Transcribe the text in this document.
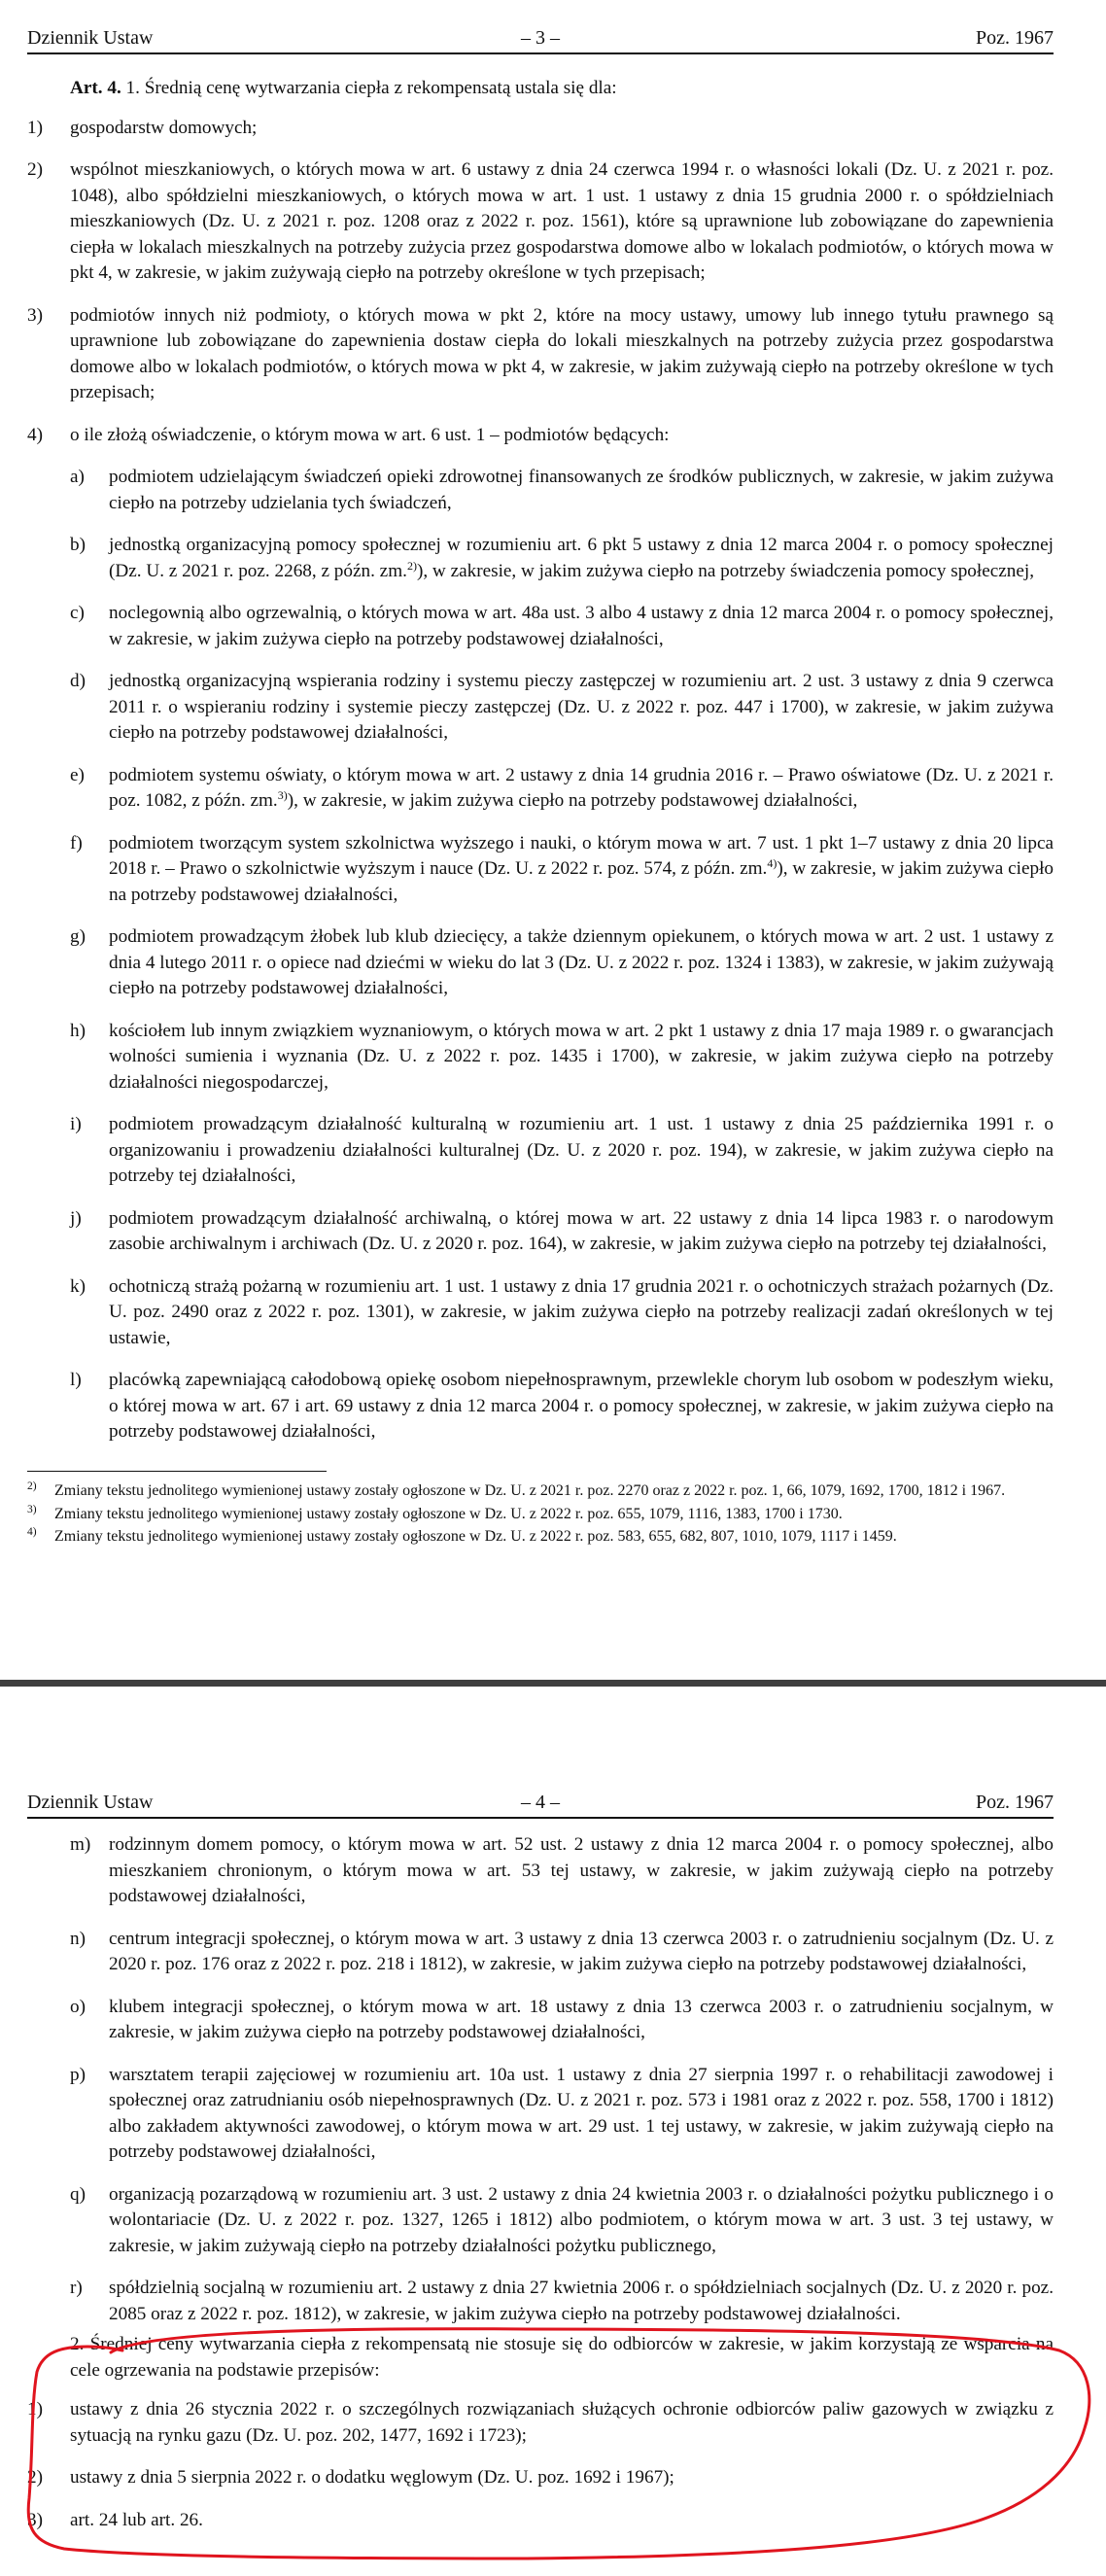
Dziennik Ustaw	– 3 –	Poz. 1967

Art. 4. 1. Średnią cenę wytwarzania ciepła z rekompensatą ustala się dla:

1) gospodarstw domowych;
2) wspólnot mieszkaniowych, o których mowa w art. 6 ustawy z dnia 24 czerwca 1994 r. o własności lokali (Dz. U. z 2021 r. poz. 1048), albo spółdzielni mieszkaniowych, o których mowa w art. 1 ust. 1 ustawy z dnia 15 grudnia 2000 r. o spółdzielniach mieszkaniowych (Dz. U. z 2021 r. poz. 1208 oraz z 2022 r. poz. 1561), które są uprawnione lub zobowiązane do zapewnienia ciepła w lokalach mieszkalnych na potrzeby zużycia przez gospodarstwa domowe albo w lokalach podmiotów, o których mowa w pkt 4, w zakresie, w jakim zużywają ciepło na potrzeby określone w tych przepisach;
3) podmiotów innych niż podmioty, o których mowa w pkt 2, które na mocy ustawy, umowy lub innego tytułu prawnego są uprawnione lub zobowiązane do zapewnienia dostaw ciepła do lokali mieszkalnych na potrzeby zużycia przez gospodarstwa domowe albo w lokalach podmiotów, o których mowa w pkt 4, w zakresie, w jakim zużywają ciepło na potrzeby określone w tych przepisach;
4) o ile złożą oświadczenie, o którym mowa w art. 6 ust. 1 – podmiotów będących:
a) podmiotem udzielającym świadczeń opieki zdrowotnej finansowanych ze środków publicznych, w zakresie, w jakim zużywa ciepło na potrzeby udzielania tych świadczeń,
b) jednostką organizacyjną pomocy społecznej w rozumieniu art. 6 pkt 5 ustawy z dnia 12 marca 2004 r. o pomocy społecznej (Dz. U. z 2021 r. poz. 2268, z późn. zm.$^{2)}$), w zakresie, w jakim zużywa ciepło na potrzeby świadczenia pomocy społecznej,
c) noclegownią albo ogrzewalnią, o których mowa w art. 48a ust. 3 albo 4 ustawy z dnia 12 marca 2004 r. o pomocy społecznej, w zakresie, w jakim zużywa ciepło na potrzeby podstawowej działalności,
d) jednostką organizacyjną wspierania rodziny i systemu pieczy zastępczej w rozumieniu art. 2 ust. 3 ustawy z dnia 9 czerwca 2011 r. o wspieraniu rodziny i systemie pieczy zastępczej (Dz. U. z 2022 r. poz. 447 i 1700), w zakresie, w jakim zużywa ciepło na potrzeby podstawowej działalności,
e) podmiotem systemu oświaty, o którym mowa w art. 2 ustawy z dnia 14 grudnia 2016 r. – Prawo oświatowe (Dz. U. z 2021 r. poz. 1082, z późn. zm.$^{3)}$), w zakresie, w jakim zużywa ciepło na potrzeby podstawowej działalności,
f) podmiotem tworzącym system szkolnictwa wyższego i nauki, o którym mowa w art. 7 ust. 1 pkt 1–7 ustawy z dnia 20 lipca 2018 r. – Prawo o szkolnictwie wyższym i nauce (Dz. U. z 2022 r. poz. 574, z późn. zm.$^{4)}$), w zakresie, w jakim zużywa ciepło na potrzeby podstawowej działalności,
g) podmiotem prowadzącym żłobek lub klub dziecięcy, a także dziennym opiekunem, o których mowa w art. 2 ust. 1 ustawy z dnia 4 lutego 2011 r. o opiece nad dziećmi w wieku do lat 3 (Dz. U. z 2022 r. poz. 1324 i 1383), w zakresie, w jakim zużywają ciepło na potrzeby podstawowej działalności,
h) kościołem lub innym związkiem wyznaniowym, o których mowa w art. 2 pkt 1 ustawy z dnia 17 maja 1989 r. o gwarancjach wolności sumienia i wyznania (Dz. U. z 2022 r. poz. 1435 i 1700), w zakresie, w jakim zużywa ciepło na potrzeby działalności niegospodarczej,
i) podmiotem prowadzącym działalność kulturalną w rozumieniu art. 1 ust. 1 ustawy z dnia 25 października 1991 r. o organizowaniu i prowadzeniu działalności kulturalnej (Dz. U. z 2020 r. poz. 194), w zakresie, w jakim zużywa ciepło na potrzeby tej działalności,
j) podmiotem prowadzącym działalność archiwalną, o której mowa w art. 22 ustawy z dnia 14 lipca 1983 r. o narodowym zasobie archiwalnym i archiwach (Dz. U. z 2020 r. poz. 164), w zakresie, w jakim zużywa ciepło na potrzeby tej działalności,
k) ochotniczą strażą pożarną w rozumieniu art. 1 ust. 1 ustawy z dnia 17 grudnia 2021 r. o ochotniczych strażach pożarnych (Dz. U. poz. 2490 oraz z 2022 r. poz. 1301), w zakresie, w jakim zużywa ciepło na potrzeby realizacji zadań określonych w tej ustawie,
l) placówką zapewniającą całodobową opiekę osobom niepełnosprawnym, przewlekle chorym lub osobom w podeszłym wieku, o której mowa w art. 67 i art. 69 ustawy z dnia 12 marca 2004 r. o pomocy społecznej, w zakresie, w jakim zużywa ciepło na potrzeby podstawowej działalności,
2) Zmiany tekstu jednolitego wymienionej ustawy zostały ogłoszone w Dz. U. z 2021 r. poz. 2270 oraz z 2022 r. poz. 1, 66, 1079, 1692, 1700, 1812 i 1967.
3) Zmiany tekstu jednolitego wymienionej ustawy zostały ogłoszone w Dz. U. z 2022 r. poz. 655, 1079, 1116, 1383, 1700 i 1730.
4) Zmiany tekstu jednolitego wymienionej ustawy zostały ogłoszone w Dz. U. z 2022 r. poz. 583, 655, 682, 807, 1010, 1079, 1117 i 1459.
Dziennik Ustaw	– 4 –	Poz. 1967
m) rodzinnym domem pomocy, o którym mowa w art. 52 ust. 2 ustawy z dnia 12 marca 2004 r. o pomocy społecznej, albo mieszkaniem chronionym, o którym mowa w art. 53 tej ustawy, w zakresie, w jakim zużywają ciepło na potrzeby podstawowej działalności,
n) centrum integracji społecznej, o którym mowa w art. 3 ustawy z dnia 13 czerwca 2003 r. o zatrudnieniu socjalnym (Dz. U. z 2020 r. poz. 176 oraz z 2022 r. poz. 218 i 1812), w zakresie, w jakim zużywa ciepło na potrzeby podstawowej działalności,
o) klubem integracji społecznej, o którym mowa w art. 18 ustawy z dnia 13 czerwca 2003 r. o zatrudnieniu socjalnym, w zakresie, w jakim zużywa ciepło na potrzeby podstawowej działalności,
p) warsztatem terapii zajęciowej w rozumieniu art. 10a ust. 1 ustawy z dnia 27 sierpnia 1997 r. o rehabilitacji zawodowej i społecznej oraz zatrudnianiu osób niepełnosprawnych (Dz. U. z 2021 r. poz. 573 i 1981 oraz z 2022 r. poz. 558, 1700 i 1812) albo zakładem aktywności zawodowej, o którym mowa w art. 29 ust. 1 tej ustawy, w zakresie, w jakim zużywają ciepło na potrzeby podstawowej działalności,
q) organizacją pozarządową w rozumieniu art. 3 ust. 2 ustawy z dnia 24 kwietnia 2003 r. o działalności pożytku publicznego i o wolontariacie (Dz. U. z 2022 r. poz. 1327, 1265 i 1812) albo podmiotem, o którym mowa w art. 3 ust. 3 tej ustawy, w zakresie, w jakim zużywają ciepło na potrzeby działalności pożytku publicznego,
r) spółdzielnią socjalną w rozumieniu art. 2 ustawy z dnia 27 kwietnia 2006 r. o spółdzielniach socjalnych (Dz. U. z 2020 r. poz. 2085 oraz z 2022 r. poz. 1812), w zakresie, w jakim zużywa ciepło na potrzeby podstawowej działalności.

2. Średniej ceny wytwarzania ciepła z rekompensatą nie stosuje się do odbiorców w zakresie, w jakim korzystają ze wsparcia na cele ogrzewania na podstawie przepisów:

1) ustawy z dnia 26 stycznia 2022 r. o szczególnych rozwiązaniach służących ochronie odbiorców paliw gazowych w związku z sytuacją na rynku gazu (Dz. U. poz. 202, 1477, 1692 i 1723);
2) ustawy z dnia 5 sierpnia 2022 r. o dodatku węglowym (Dz. U. poz. 1692 i 1967);
3) art. 24 lub art. 26.
